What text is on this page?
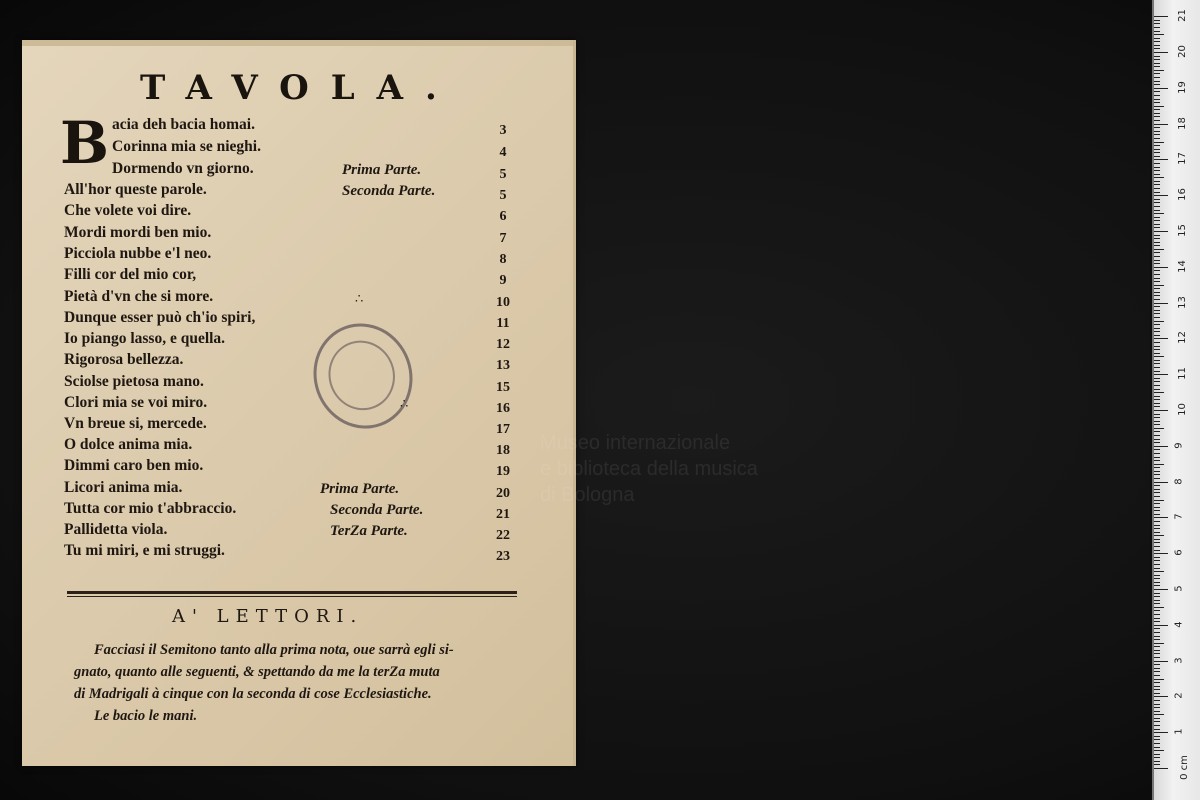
TAVOLA.
B acia deh bacia homai.	3
Corinna mia se nieghi.	4
Dormendo vn giorno.	Prima Parte.	5
All'hor queste parole.	Seconda Parte.	5
Che volete voi dire.	6
Mordi mordi ben mio.	7
Picciola nubbe e'l neo.	8
Filli cor del mio cor,	9
Pietà d'vn che si more.	10
Dunque esser può ch'io spiri,	11
Io piango lasso, e quella.	12
Rigorosa bellezza.	13
Sciolse pietosa mano.	15
Clori mia se voi miro.	16
Vn breue si, mercede.	17
O dolce anima mia.	18
Dimmi caro ben mio.	19
Licori anima mia.	Prima Parte.	20
Tutta cor mio t'abbraccio.	Seconda Parte.	21
Pallidetta viola.	TerZa Parte.	22
Tu mi miri, e mi struggi.	23
∴
∴
A' LETTORI.
Facciasi il Semitono tanto alla prima nota, oue sarrà egli si-
gnato, quanto alle seguenti, & spettando da me la terZa muta
di Madrigali à cinque con la seconda di cose Ecclesiastiche.
Le bacio le mani.
Museo internazionale
e biblioteca della musica
di Bologna
0 cm
1
2
3
4
5
6
7
8
9
10
11
12
13
14
15
16
17
18
19
20
21
